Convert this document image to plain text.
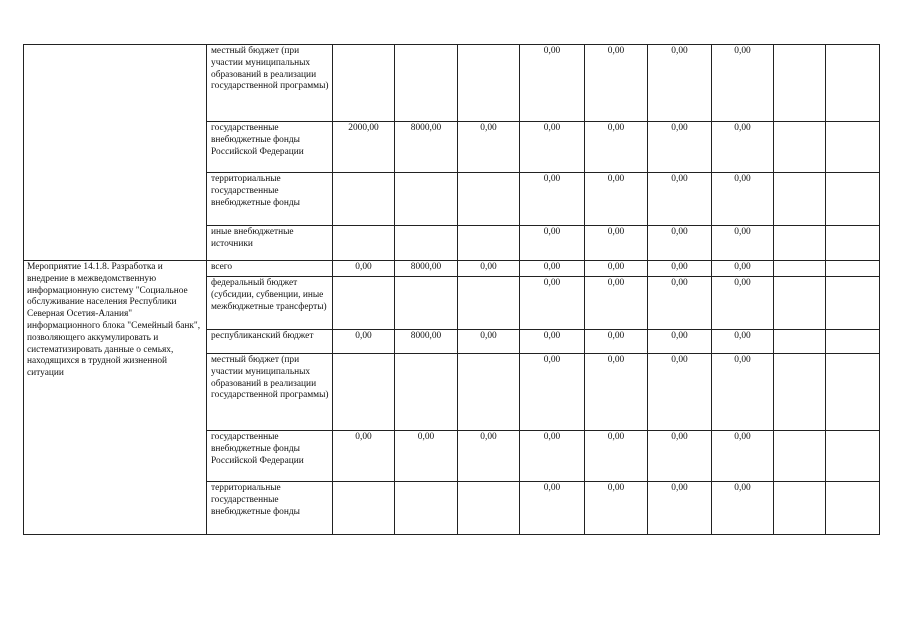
	местный бюджет (при участии муниципальных образований в реализации государственной программы)				0,00	0,00	0,00	0,00		
	государственные внебюджетные фонды Российской Федерации	2000,00	8000,00	0,00	0,00	0,00	0,00	0,00		
	территориальные государственные внебюджетные фонды				0,00	0,00	0,00	0,00		
	иные внебюджетные источники				0,00	0,00	0,00	0,00		
Мероприятие 14.1.8. Разработка и внедрение в межведомственную информационную систему "Социальное обслуживание населения Республики Северная Осетия-Алания" информационного блока "Семейный банк", позволяющего аккумулировать и систематизировать данные о семьях, находящихся в трудной жизненной ситуации	всего	0,00	8000,00	0,00	0,00	0,00	0,00	0,00		
	федеральный бюджет (субсидии, субвенции, иные межбюджетные трансферты)				0,00	0,00	0,00	0,00		
	республиканский бюджет	0,00	8000,00	0,00	0,00	0,00	0,00	0,00		
	местный бюджет (при участии муниципальных образований в реализации государственной программы)				0,00	0,00	0,00	0,00		
	государственные внебюджетные фонды Российской Федерации	0,00	0,00	0,00	0,00	0,00	0,00	0,00		
	территориальные государственные внебюджетные фонды				0,00	0,00	0,00	0,00		
